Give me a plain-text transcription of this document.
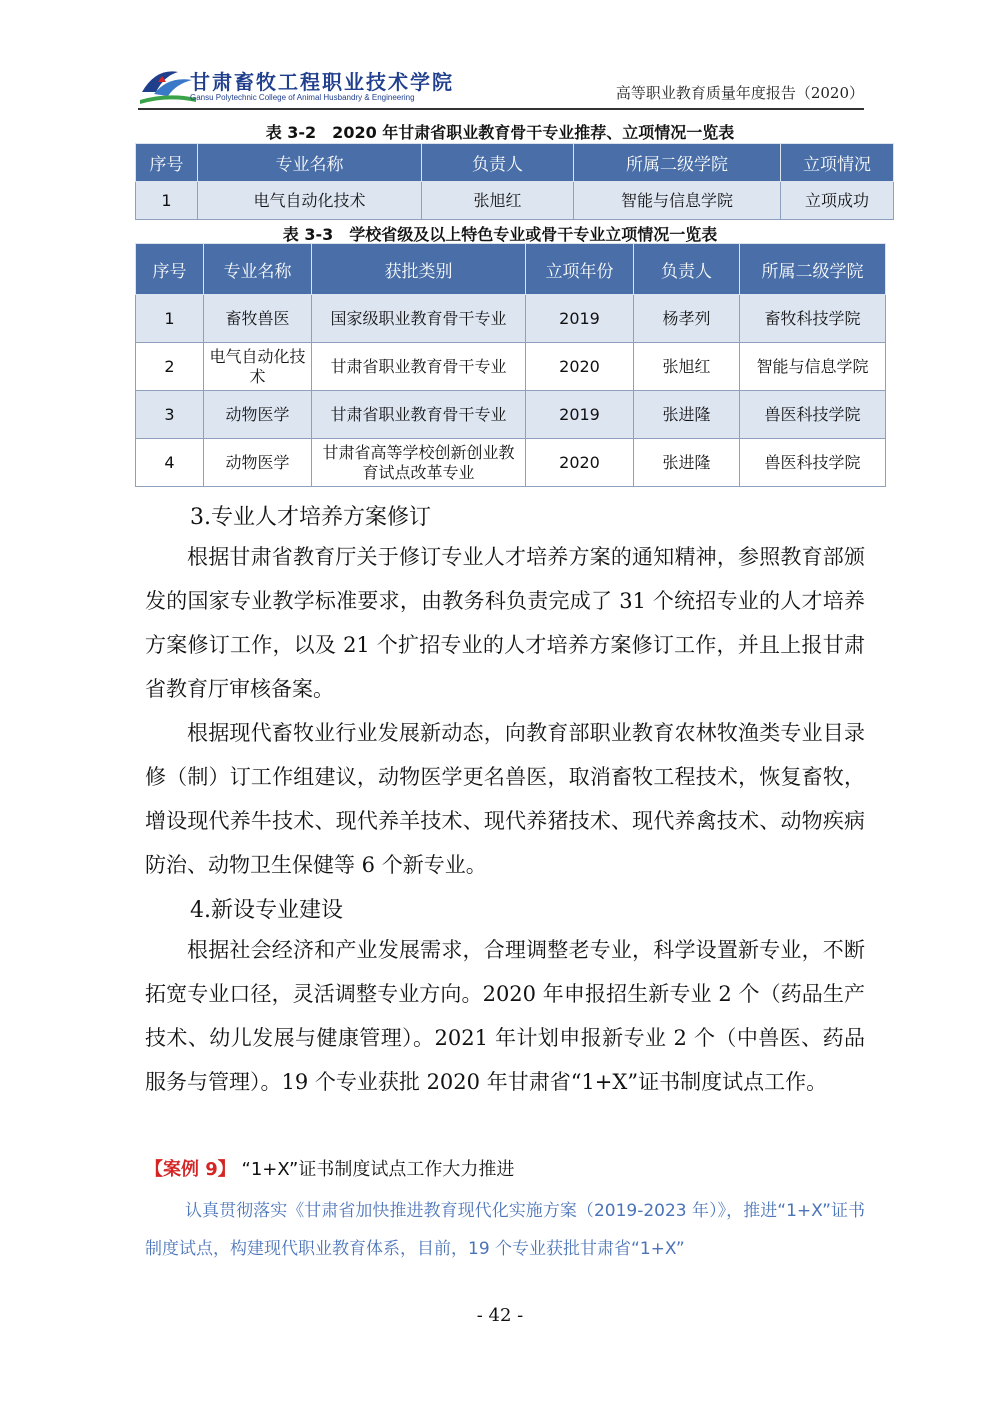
甘肃畜牧工程职业技术学院
Gansu Polytechnic College of Animal Husbandry & Engineering	高等职业教育质量年度报告（2020）
表 3-2　2020 年甘肃省职业教育骨干专业推荐、立项情况一览表
序号	专业名称	负责人	所属二级学院	立项情况
1	电气自动化技术	张旭红	智能与信息学院	立项成功
表 3-3　学校省级及以上特色专业或骨干专业立项情况一览表
序号	专业名称	获批类别	立项年份	负责人	所属二级学院
1	畜牧兽医	国家级职业教育骨干专业	2019	杨孝列	畜牧科技学院
2	电气自动化技术	甘肃省职业教育骨干专业	2020	张旭红	智能与信息学院
3	动物医学	甘肃省职业教育骨干专业	2019	张进隆	兽医科技学院
4	动物医学	甘肃省高等学校创新创业教育试点改革专业	2020	张进隆	兽医科技学院
3.专业人才培养方案修订

根据甘肃省教育厅关于修订专业人才培养方案的通知精神，参照教育部颁发的国家专业教学标准要求，由教务科负责完成了 31 个统招专业的人才培养方案修订工作，以及 21 个扩招专业的人才培养方案修订工作，并且上报甘肃省教育厅审核备案。

根据现代畜牧业行业发展新动态，向教育部职业教育农林牧渔类专业目录修（制）订工作组建议，动物医学更名兽医，取消畜牧工程技术，恢复畜牧，增设现代养牛技术、现代养羊技术、现代养猪技术、现代养禽技术、动物疾病防治、动物卫生保健等 6 个新专业。

4.新设专业建设

根据社会经济和产业发展需求，合理调整老专业，科学设置新专业，不断拓宽专业口径，灵活调整专业方向。2020 年申报招生新专业 2 个（药品生产技术、幼儿发展与健康管理）。2021 年计划申报新专业 2 个（中兽医、药品服务与管理）。19 个专业获批 2020 年甘肃省“1+X”证书制度试点工作。

【案例 9】 “1+X”证书制度试点工作大力推进

认真贯彻落实《甘肃省加快推进教育现代化实施方案（2019-2023 年）》，推进“1+X”证书制度试点，构建现代职业教育体系，目前，19 个专业获批甘肃省“1+X”

- 42 -
